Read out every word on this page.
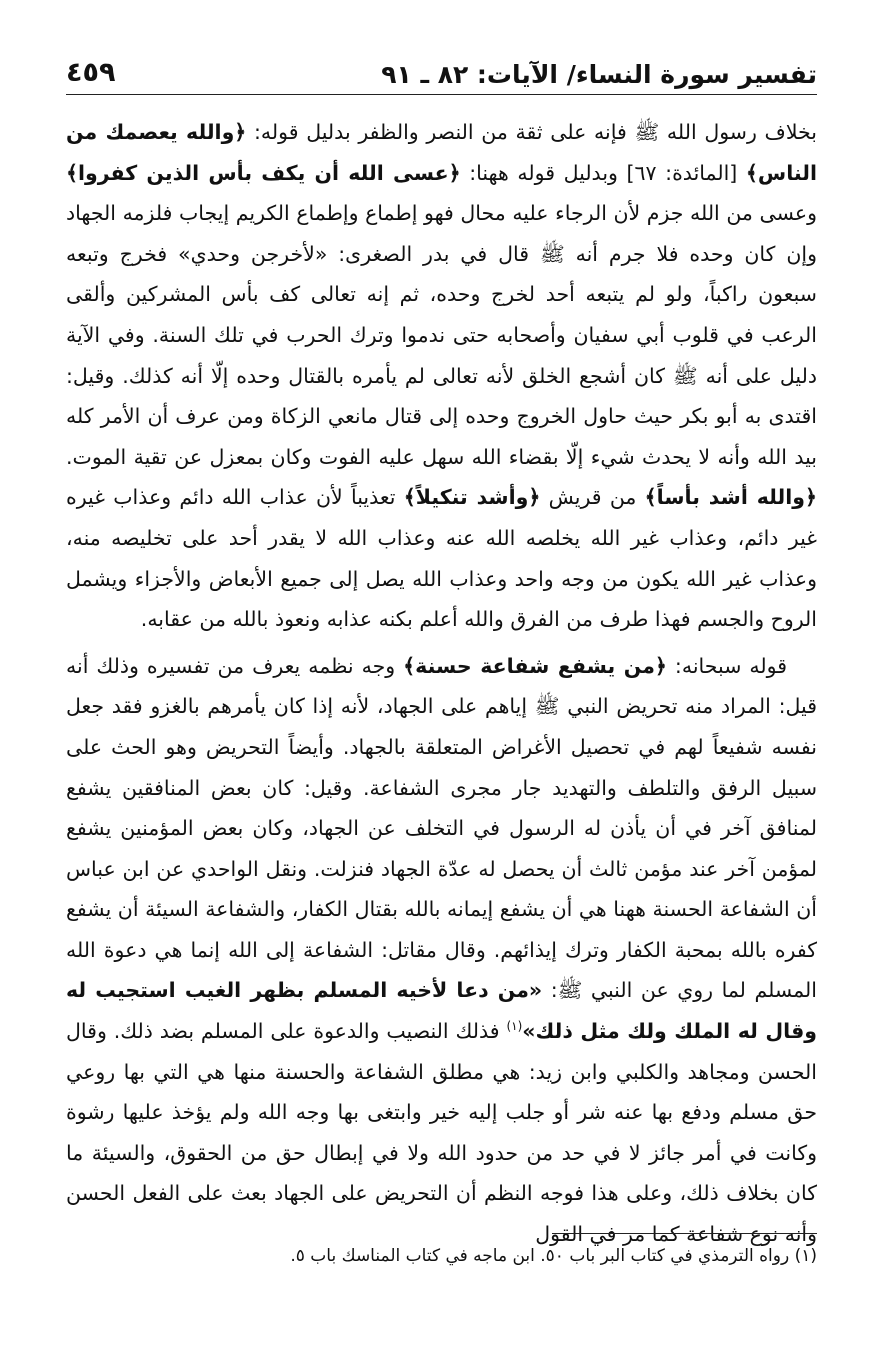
تفسير سورة النساء/ الآيات: ٨٢ ـ ٩١
٤٥٩

بخلاف رسول الله ﷺ فإنه على ثقة من النصر والظفر بدليل قوله: ﴿والله يعصمك من الناس﴾ [المائدة: ٦٧] وبدليل قوله ههنا: ﴿عسى الله أن يكف بأس الذين كفروا﴾ وعسى من الله جزم لأن الرجاء عليه محال فهو إطماع وإطماع الكريم إيجاب فلزمه الجهاد وإن كان وحده فلا جرم أنه ﷺ قال في بدر الصغرى: «لأخرجن وحدي» فخرج وتبعه سبعون راكباً، ولو لم يتبعه أحد لخرج وحده، ثم إنه تعالى كف بأس المشركين وألقى الرعب في قلوب أبي سفيان وأصحابه حتى ندموا وترك الحرب في تلك السنة. وفي الآية دليل على أنه ﷺ كان أشجع الخلق لأنه تعالى لم يأمره بالقتال وحده إلّا أنه كذلك. وقيل: اقتدى به أبو بكر حيث حاول الخروج وحده إلى قتال مانعي الزكاة ومن عرف أن الأمر كله بيد الله وأنه لا يحدث شيء إلّا بقضاء الله سهل عليه الفوت وكان بمعزل عن تقية الموت. ﴿والله أشد بأساً﴾ من قريش ﴿وأشد تنكيلاً﴾ تعذيباً لأن عذاب الله دائم وعذاب غيره غير دائم، وعذاب غير الله يخلصه الله عنه وعذاب الله لا يقدر أحد على تخليصه منه، وعذاب غير الله يكون من وجه واحد وعذاب الله يصل إلى جميع الأبعاض والأجزاء ويشمل الروح والجسم فهذا طرف من الفرق والله أعلم بكنه عذابه ونعوذ بالله من عقابه.

قوله سبحانه: ﴿من يشفع شفاعة حسنة﴾ وجه نظمه يعرف من تفسيره وذلك أنه قيل: المراد منه تحريض النبي ﷺ إياهم على الجهاد، لأنه إذا كان يأمرهم بالغزو فقد جعل نفسه شفيعاً لهم في تحصيل الأغراض المتعلقة بالجهاد. وأيضاً التحريض وهو الحث على سبيل الرفق والتلطف والتهديد جار مجرى الشفاعة. وقيل: كان بعض المنافقين يشفع لمنافق آخر في أن يأذن له الرسول في التخلف عن الجهاد، وكان بعض المؤمنين يشفع لمؤمن آخر عند مؤمن ثالث أن يحصل له عدّة الجهاد فنزلت. ونقل الواحدي عن ابن عباس أن الشفاعة الحسنة ههنا هي أن يشفع إيمانه بالله بقتال الكفار، والشفاعة السيئة أن يشفع كفره بالله بمحبة الكفار وترك إيذائهم. وقال مقاتل: الشفاعة إلى الله إنما هي دعوة الله المسلم لما روي عن النبي ﷺ: «من دعا لأخيه المسلم بظهر الغيب استجيب له وقال له الملك ولك مثل ذلك»$^{(١)}$ فذلك النصيب والدعوة على المسلم بضد ذلك. وقال الحسن ومجاهد والكلبي وابن زيد: هي مطلق الشفاعة والحسنة منها هي التي بها روعي حق مسلم ودفع بها عنه شر أو جلب إليه خير وابتغى بها وجه الله ولم يؤخذ عليها رشوة وكانت في أمر جائز لا في حد من حدود الله ولا في إبطال حق من الحقوق، والسيئة ما كان بخلاف ذلك، وعلى هذا فوجه النظم أن التحريض على الجهاد بعث على الفعل الحسن وأنه نوع شفاعة كما مر في القول

(١) رواه الترمذي في كتاب البر باب ٥٠. ابن ماجه في كتاب المناسك باب ٥.
